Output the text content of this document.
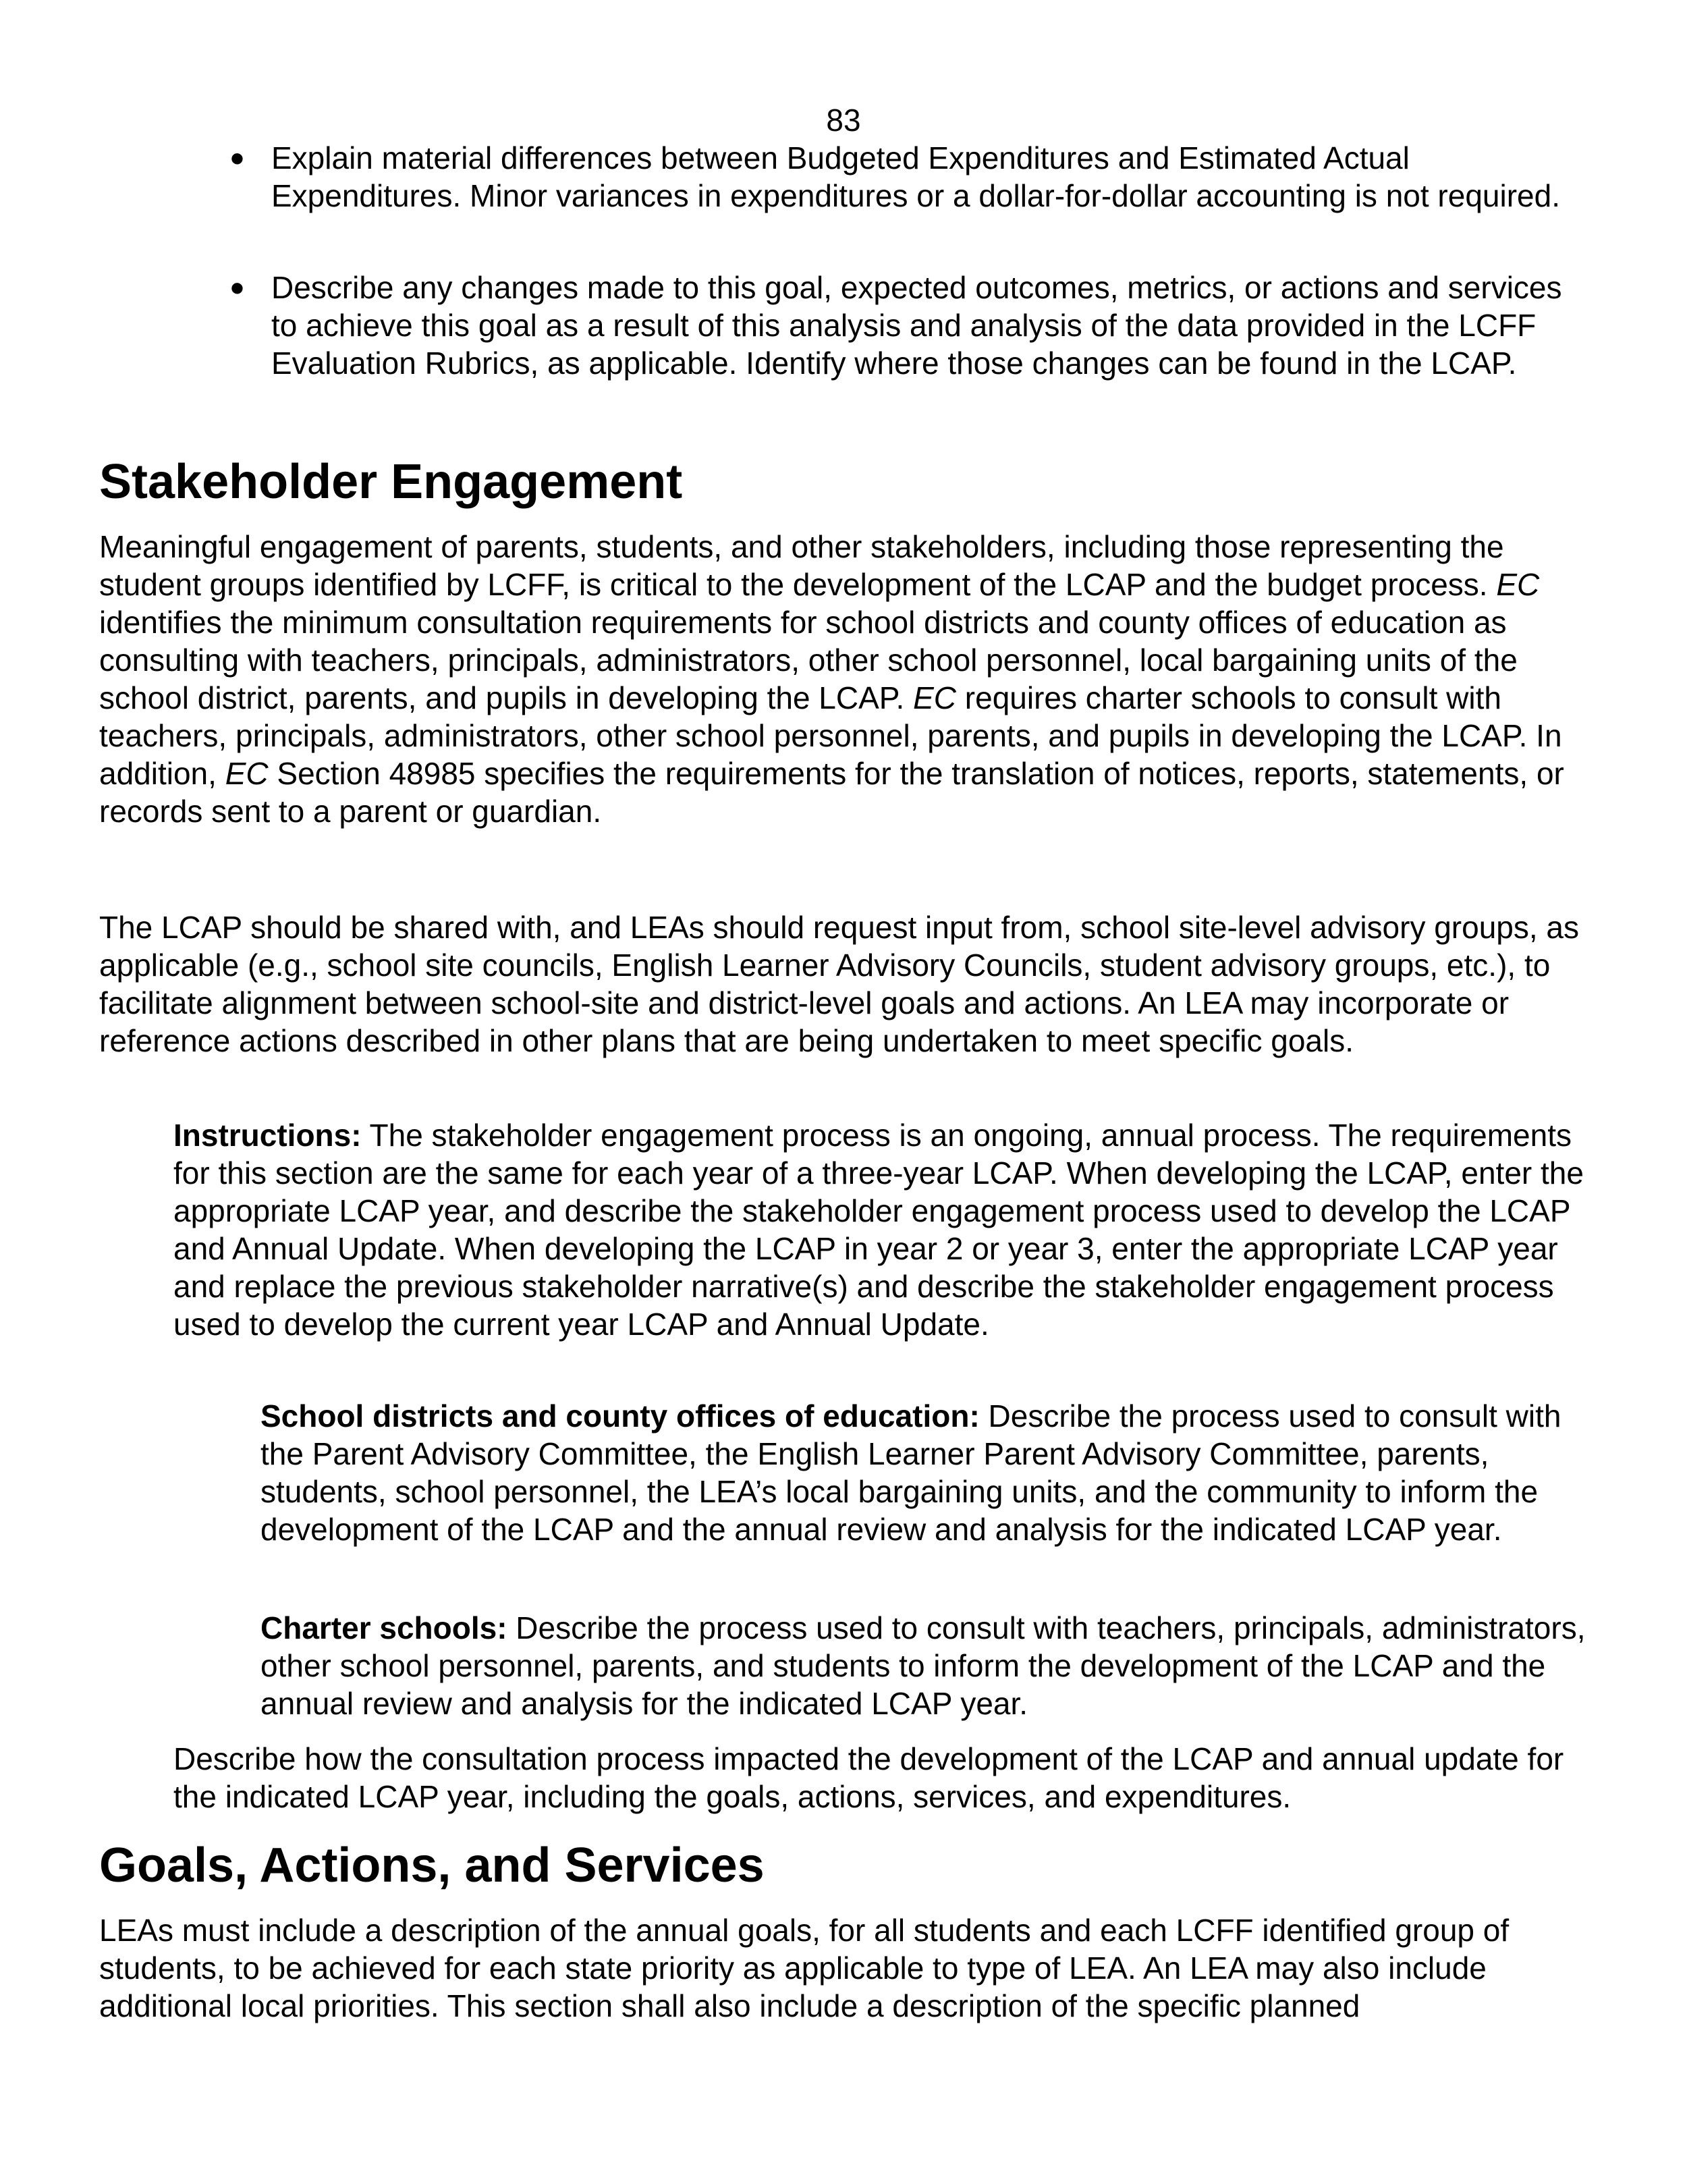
83

● Explain material differences between Budgeted Expenditures and Estimated Actual Expenditures. Minor variances in expenditures or a dollar-for-dollar accounting is not required.
● Describe any changes made to this goal, expected outcomes, metrics, or actions and services to achieve this goal as a result of this analysis and analysis of the data provided in the LCFF Evaluation Rubrics, as applicable. Identify where those changes can be found in the LCAP.
Stakeholder Engagement

Meaningful engagement of parents, students, and other stakeholders, including those representing the student groups identified by LCFF, is critical to the development of the LCAP and the budget process. EC identifies the minimum consultation requirements for school districts and county offices of education as consulting with teachers, principals, administrators, other school personnel, local bargaining units of the school district, parents, and pupils in developing the LCAP. EC requires charter schools to consult with teachers, principals, administrators, other school personnel, parents, and pupils in developing the LCAP. In addition, EC Section 48985 specifies the requirements for the translation of notices, reports, statements, or records sent to a parent or guardian.

The LCAP should be shared with, and LEAs should request input from, school site-level advisory groups, as applicable (e.g., school site councils, English Learner Advisory Councils, student advisory groups, etc.), to facilitate alignment between school-site and district-level goals and actions. An LEA may incorporate or reference actions described in other plans that are being undertaken to meet specific goals.

Instructions: The stakeholder engagement process is an ongoing, annual process. The requirements for this section are the same for each year of a three-year LCAP. When developing the LCAP, enter the appropriate LCAP year, and describe the stakeholder engagement process used to develop the LCAP and Annual Update. When developing the LCAP in year 2 or year 3, enter the appropriate LCAP year and replace the previous stakeholder narrative(s) and describe the stakeholder engagement process used to develop the current year LCAP and Annual Update.

School districts and county offices of education: Describe the process used to consult with the Parent Advisory Committee, the English Learner Parent Advisory Committee, parents, students, school personnel, the LEA’s local bargaining units, and the community to inform the development of the LCAP and the annual review and analysis for the indicated LCAP year.

Charter schools: Describe the process used to consult with teachers, principals, administrators, other school personnel, parents, and students to inform the development of the LCAP and the annual review and analysis for the indicated LCAP year.

Describe how the consultation process impacted the development of the LCAP and annual update for the indicated LCAP year, including the goals, actions, services, and expenditures.

Goals, Actions, and Services

LEAs must include a description of the annual goals, for all students and each LCFF identified group of students, to be achieved for each state priority as applicable to type of LEA. An LEA may also include additional local priorities. This section shall also include a description of the specific planned
